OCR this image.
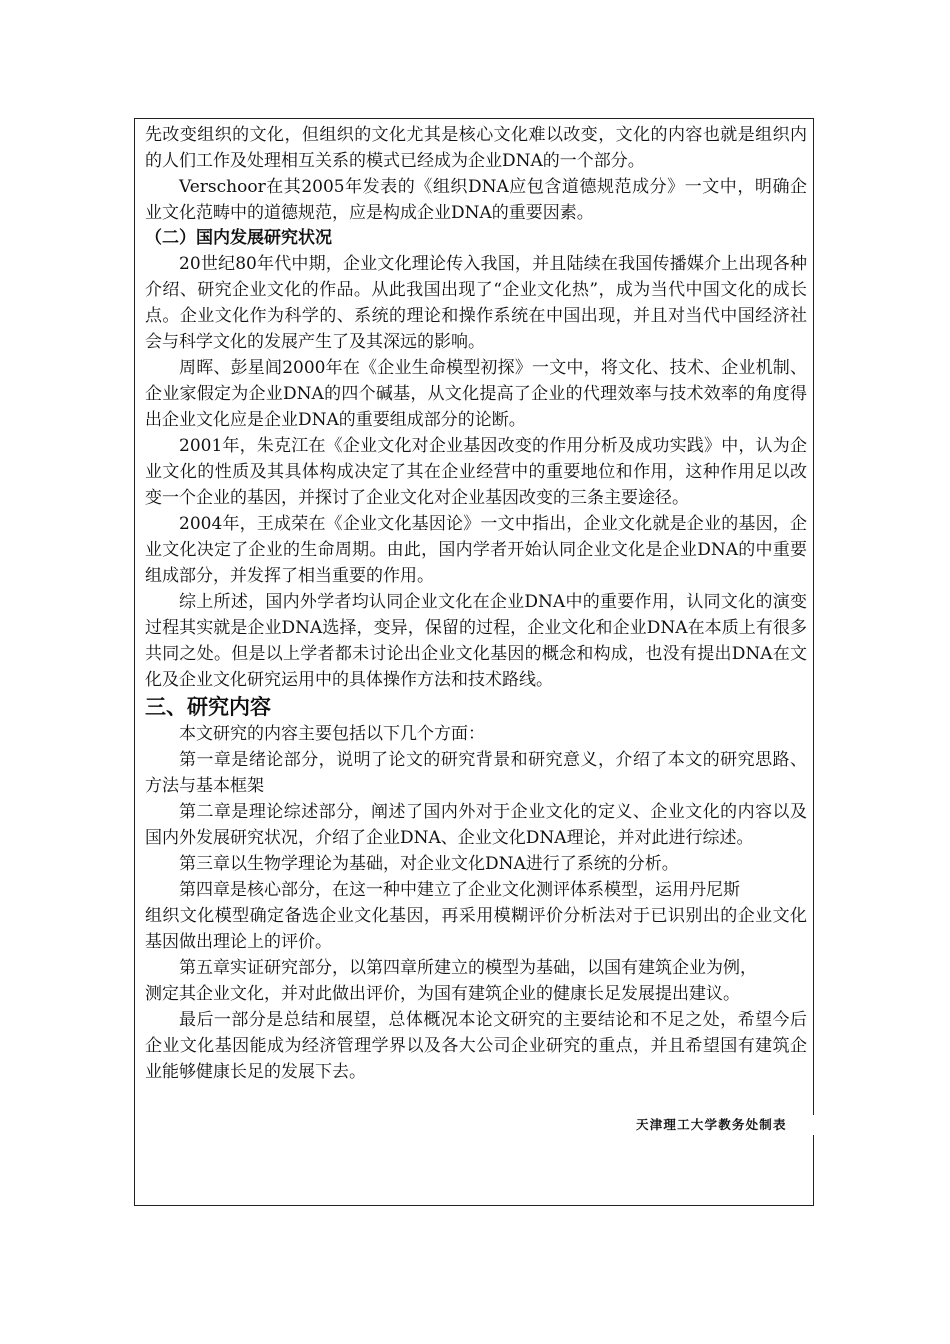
先改变组织的文化，但组织的文化尤其是核心文化难以改变，文化的内容也就是组织内的人们工作及处理相互关系的模式已经成为企业DNA的一个部分。

Verschoor在其2005年发表的《组织DNA应包含道德规范成分》一文中，明确企业文化范畴中的道德规范，应是构成企业DNA的重要因素。

（二）国内发展研究状况

20世纪80年代中期，企业文化理论传入我国，并且陆续在我国传播媒介上出现各种介绍、研究企业文化的作品。从此我国出现了“企业文化热”，成为当代中国文化的成长点。企业文化作为科学的、系统的理论和操作系统在中国出现，并且对当代中国经济社会与科学文化的发展产生了及其深远的影响。

周晖、彭星闾2000年在《企业生命模型初探》一文中，将文化、技术、企业机制、企业家假定为企业DNA的四个碱基，从文化提高了企业的代理效率与技术效率的角度得出企业文化应是企业DNA的重要组成部分的论断。

2001年，朱克江在《企业文化对企业基因改变的作用分析及成功实践》中，认为企业文化的性质及其具体构成决定了其在企业经营中的重要地位和作用，这种作用足以改变一个企业的基因，并探讨了企业文化对企业基因改变的三条主要途径。

2004年，王成荣在《企业文化基因论》一文中指出，企业文化就是企业的基因，企业文化决定了企业的生命周期。由此，国内学者开始认同企业文化是企业DNA的中重要组成部分，并发挥了相当重要的作用。

综上所述，国内外学者均认同企业文化在企业DNA中的重要作用，认同文化的演变过程其实就是企业DNA选择，变异，保留的过程，企业文化和企业DNA在本质上有很多共同之处。但是以上学者都未讨论出企业文化基因的概念和构成，也没有提出DNA在文化及企业文化研究运用中的具体操作方法和技术路线。

三、研究内容

本文研究的内容主要包括以下几个方面：

第一章是绪论部分，说明了论文的研究背景和研究意义，介绍了本文的研究思路、方法与基本框架

第二章是理论综述部分，阐述了国内外对于企业文化的定义、企业文化的内容以及国内外发展研究状况，介绍了企业DNA、企业文化DNA理论，并对此进行综述。

第三章以生物学理论为基础，对企业文化DNA进行了系统的分析。

第四章是核心部分，在这一种中建立了企业文化测评体系模型，运用丹尼斯

组织文化模型确定备选企业文化基因，再采用模糊评价分析法对于已识别出的企业文化基因做出理论上的评价。

第五章实证研究部分，以第四章所建立的模型为基础，以国有建筑企业为例，

测定其企业文化，并对此做出评价，为国有建筑企业的健康长足发展提出建议。

最后一部分是总结和展望，总体概况本论文研究的主要结论和不足之处，希望今后企业文化基因能成为经济管理学界以及各大公司企业研究的重点，并且希望国有建筑企业能够健康长足的发展下去。

天津理工大学教务处制表
